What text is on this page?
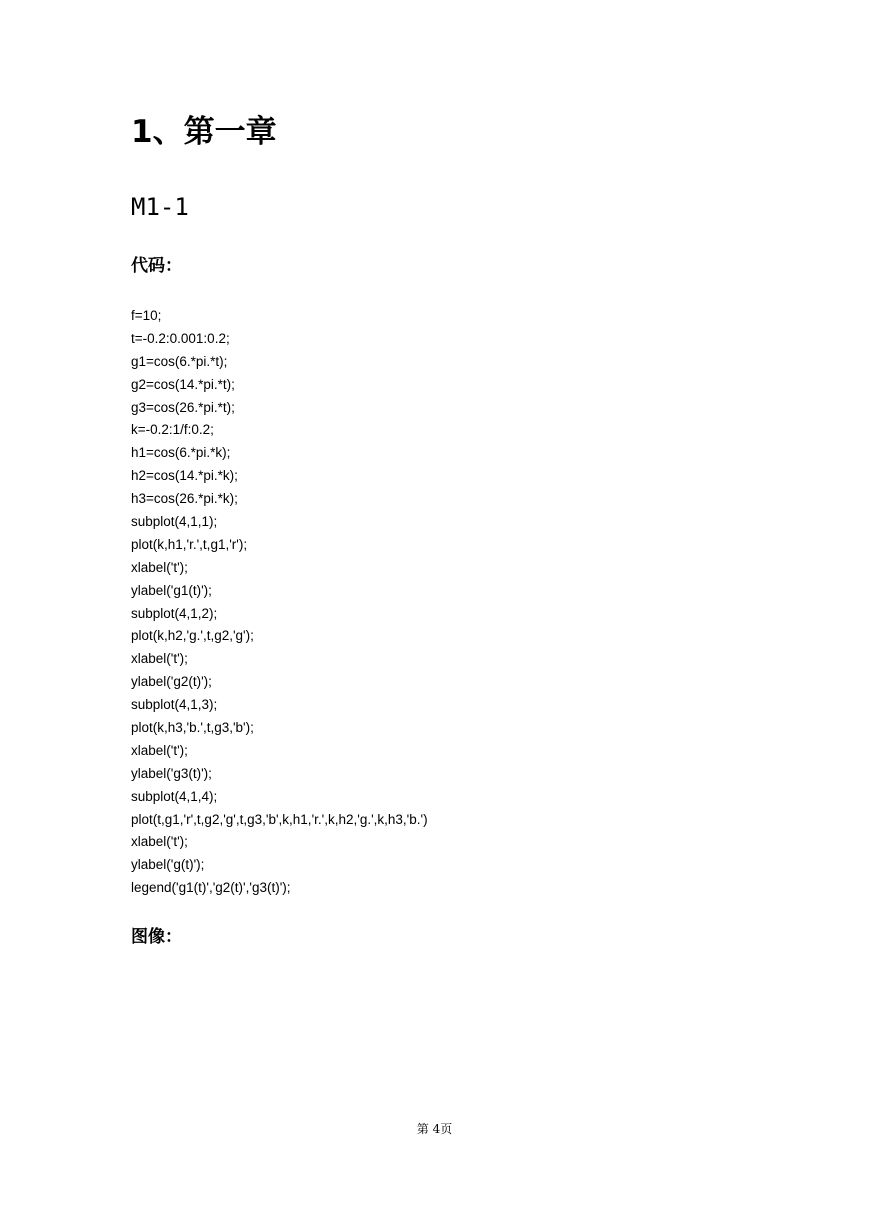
1、第一章
M1-1
代码：
f=10;
t=-0.2:0.001:0.2;
g1=cos(6.*pi.*t);
g2=cos(14.*pi.*t);
g3=cos(26.*pi.*t);
k=-0.2:1/f:0.2;
h1=cos(6.*pi.*k);
h2=cos(14.*pi.*k);
h3=cos(26.*pi.*k);
subplot(4,1,1);
plot(k,h1,'r.',t,g1,'r');
xlabel('t');
ylabel('g1(t)');
subplot(4,1,2);
plot(k,h2,'g.',t,g2,'g');
xlabel('t');
ylabel('g2(t)');
subplot(4,1,3);
plot(k,h3,'b.',t,g3,'b');
xlabel('t');
ylabel('g3(t)');
subplot(4,1,4);
plot(t,g1,'r',t,g2,'g',t,g3,'b',k,h1,'r.',k,h2,'g.',k,h3,'b.')
xlabel('t');
ylabel('g(t)');
legend('g1(t)','g2(t)','g3(t)');
图像：
第 4页
